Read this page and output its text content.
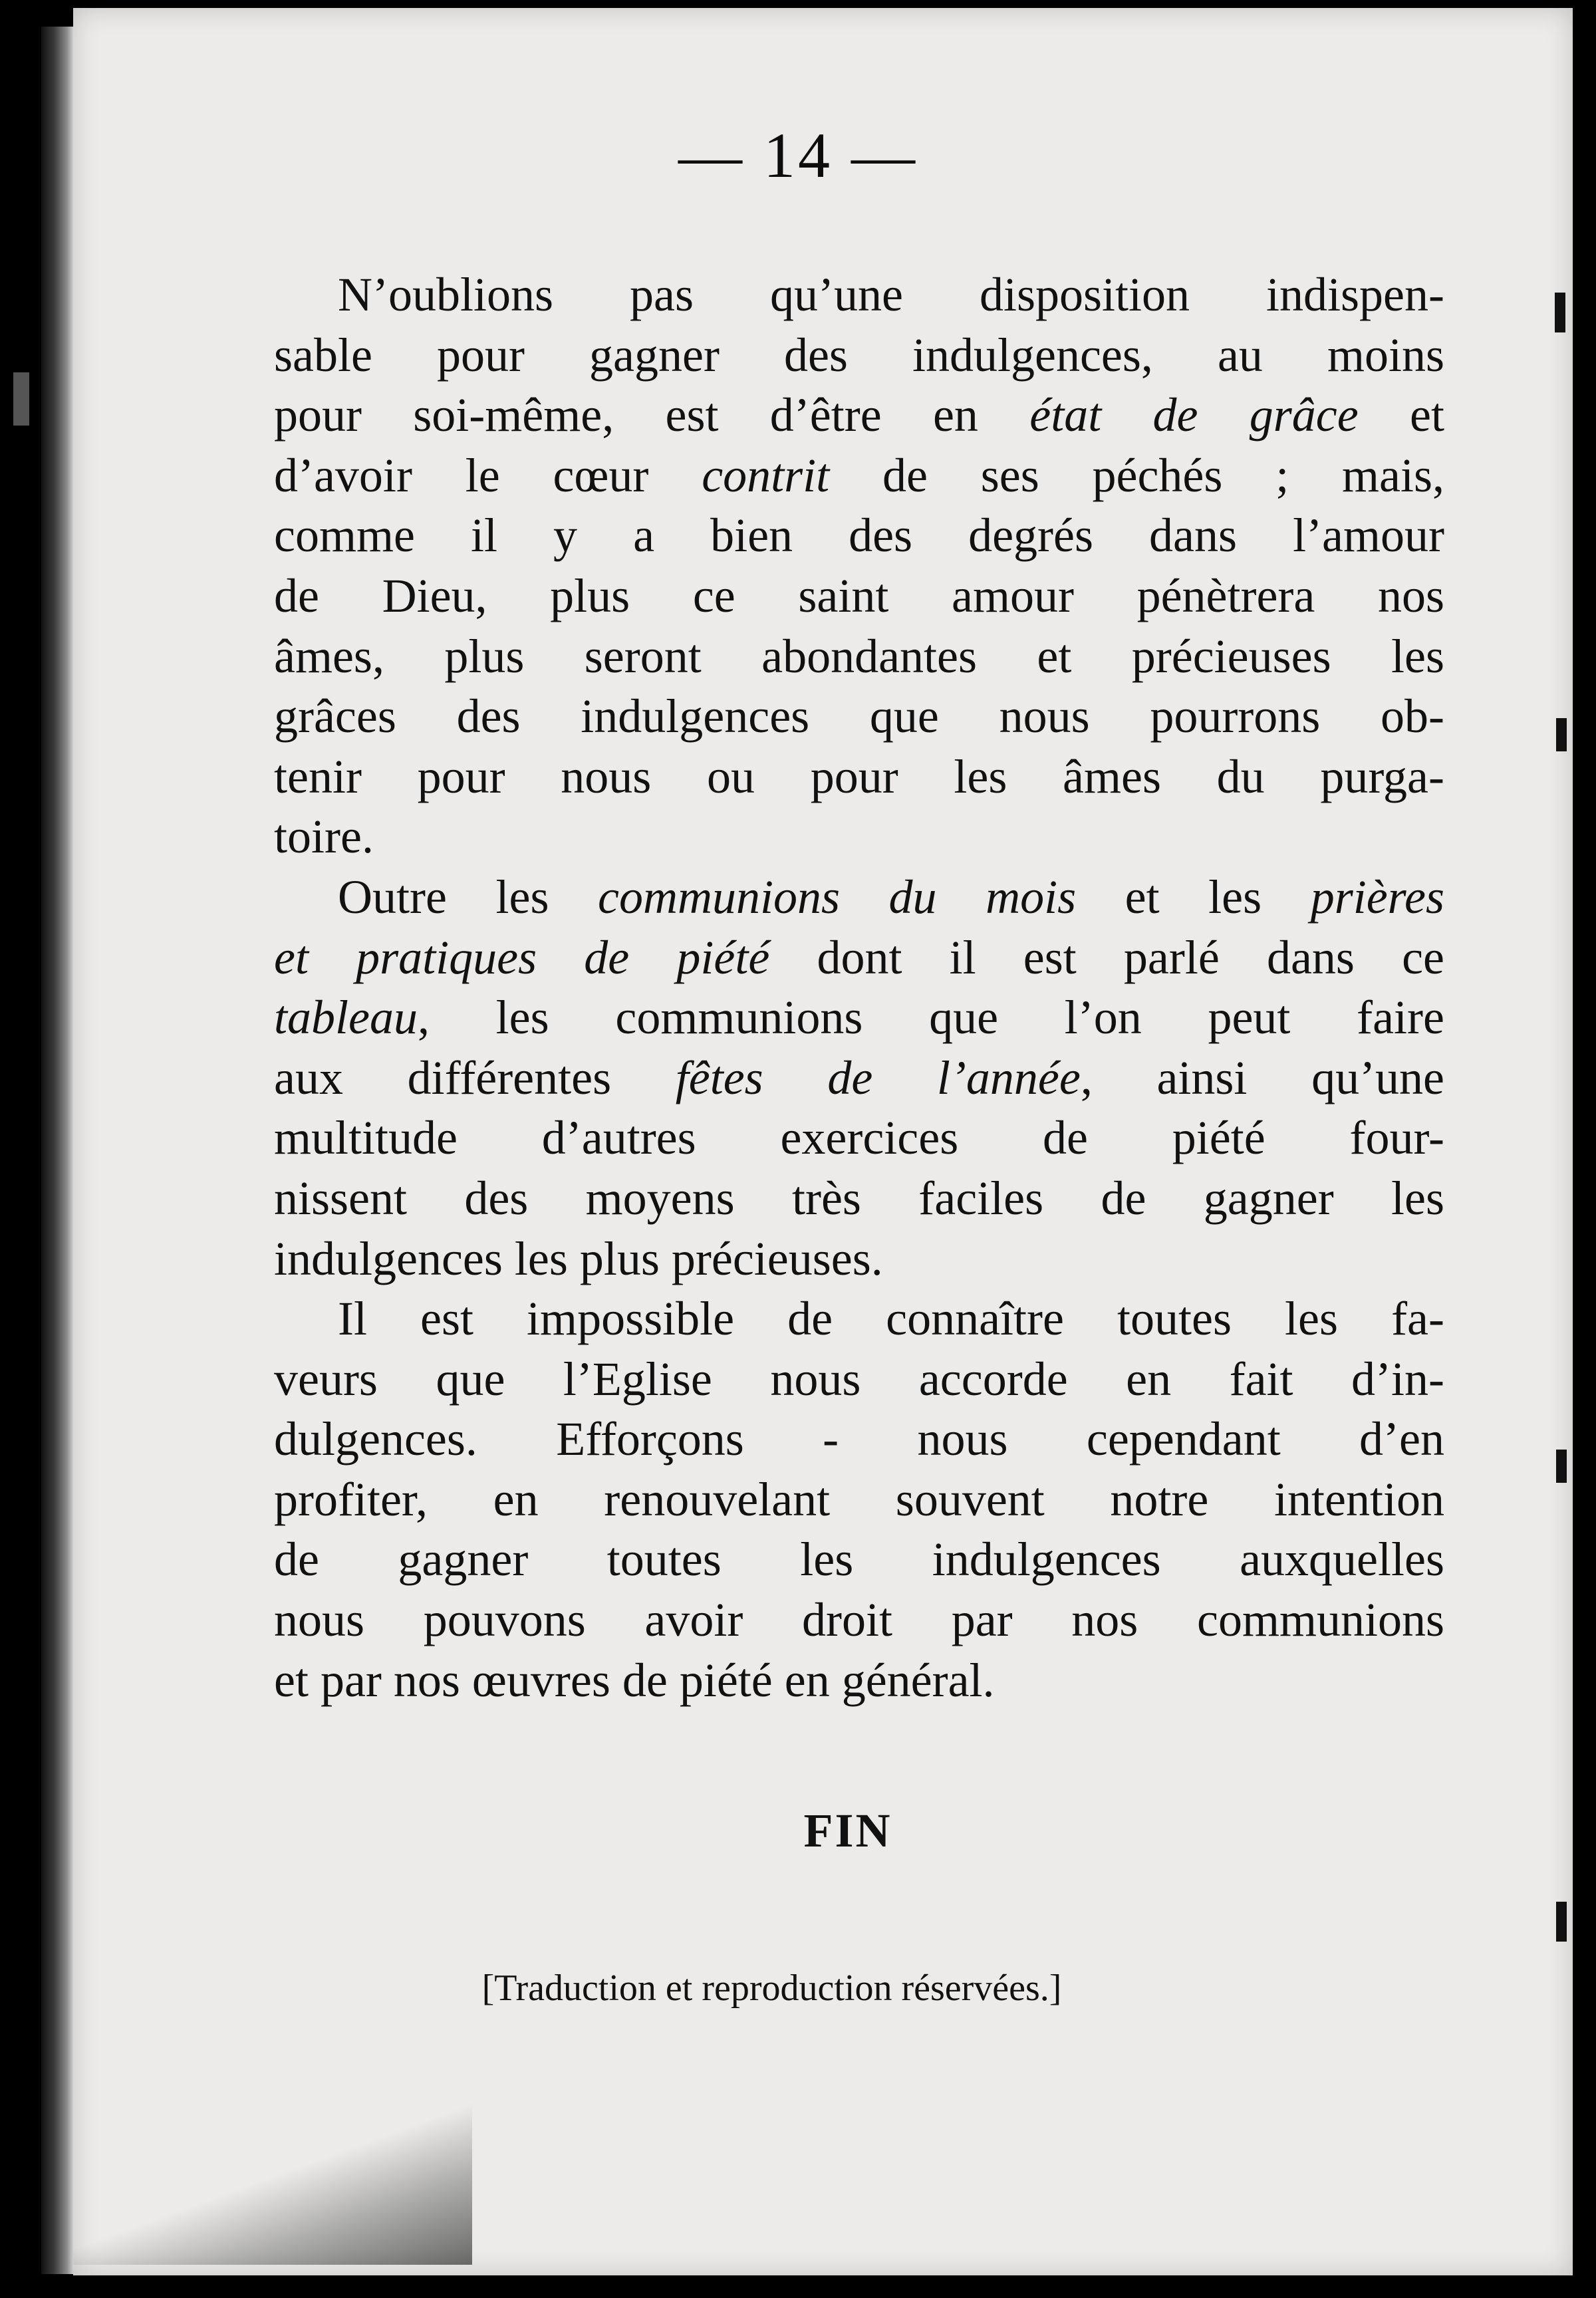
— 14 —
N’oublions pas qu’une disposition indispen-
sable pour gagner des indulgences, au moins
pour soi-même, est d’être en état de grâce et
d’avoir le cœur contrit de ses péchés ; mais,
comme il y a bien des degrés dans l’amour
de Dieu, plus ce saint amour pénètrera nos
âmes, plus seront abondantes et précieuses les
grâces des indulgences que nous pourrons ob-
tenir pour nous ou pour les âmes du purga-
toire.
Outre les communions du mois et les prières
et pratiques de piété dont il est parlé dans ce
tableau, les communions que l’on peut faire
aux différentes fêtes de l’année, ainsi qu’une
multitude d’autres exercices de piété four-
nissent des moyens très faciles de gagner les
indulgences les plus précieuses.
Il est impossible de connaître toutes les fa-
veurs que l’Eglise nous accorde en fait d’in-
dulgences. Efforçons - nous cependant d’en
profiter, en renouvelant souvent notre intention
de gagner toutes les indulgences auxquelles
nous pouvons avoir droit par nos communions
et par nos œuvres de piété en général.
FIN
[Traduction et reproduction réservées.]
